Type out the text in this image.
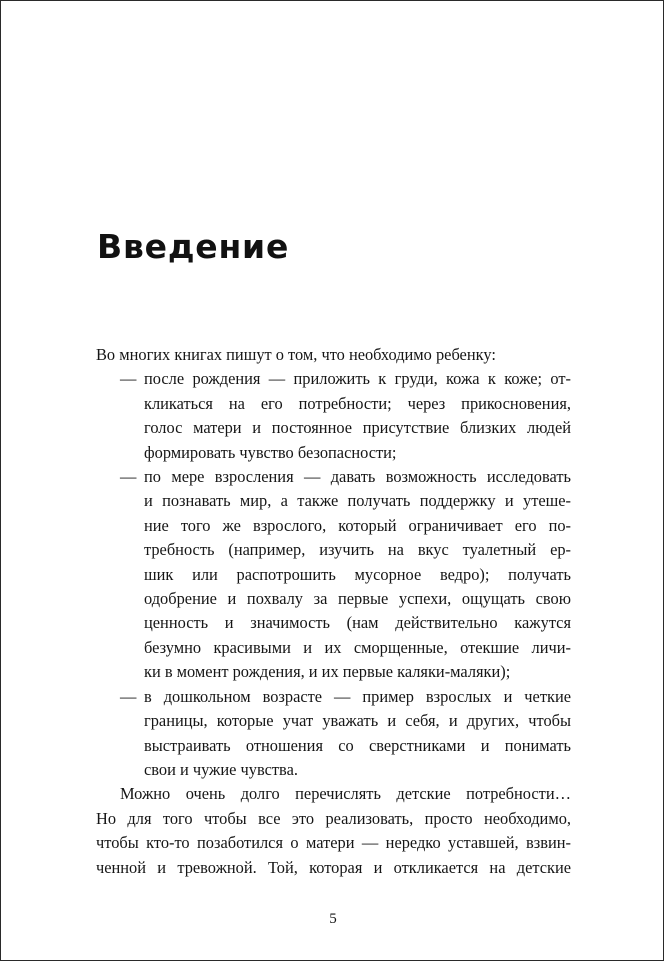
Введение

Во многих книгах пишут о том, что необходимо ребенку:

— после рождения — приложить к груди, кожа к коже; от-
кликаться на его потребности; через прикосновения,
голос матери и постоянное присутствие близких людей
формировать чувство безопасности;
— по мере взросления — давать возможность исследовать
и познавать мир, а также получать поддержку и утеше-
ние того же взрослого, который ограничивает его по-
требность (например, изучить на вкус туалетный ер-
шик или распотрошить мусорное ведро); получать
одобрение и похвалу за первые успехи, ощущать свою
ценность и значимость (нам действительно кажутся
безумно красивыми и их сморщенные, отекшие личи-
ки в момент рождения, и их первые каляки-маляки);
— в дошкольном возрасте — пример взрослых и четкие
границы, которые учат уважать и себя, и других, чтобы
выстраивать отношения со сверстниками и понимать
свои и чужие чувства.
Можно очень долго перечислять детские потребности…
Но для того чтобы все это реализовать, просто необходимо,
чтобы кто-то позаботился о матери — нередко уставшей, взвин-
ченной и тревожной. Той, которая и откликается на детские
5
